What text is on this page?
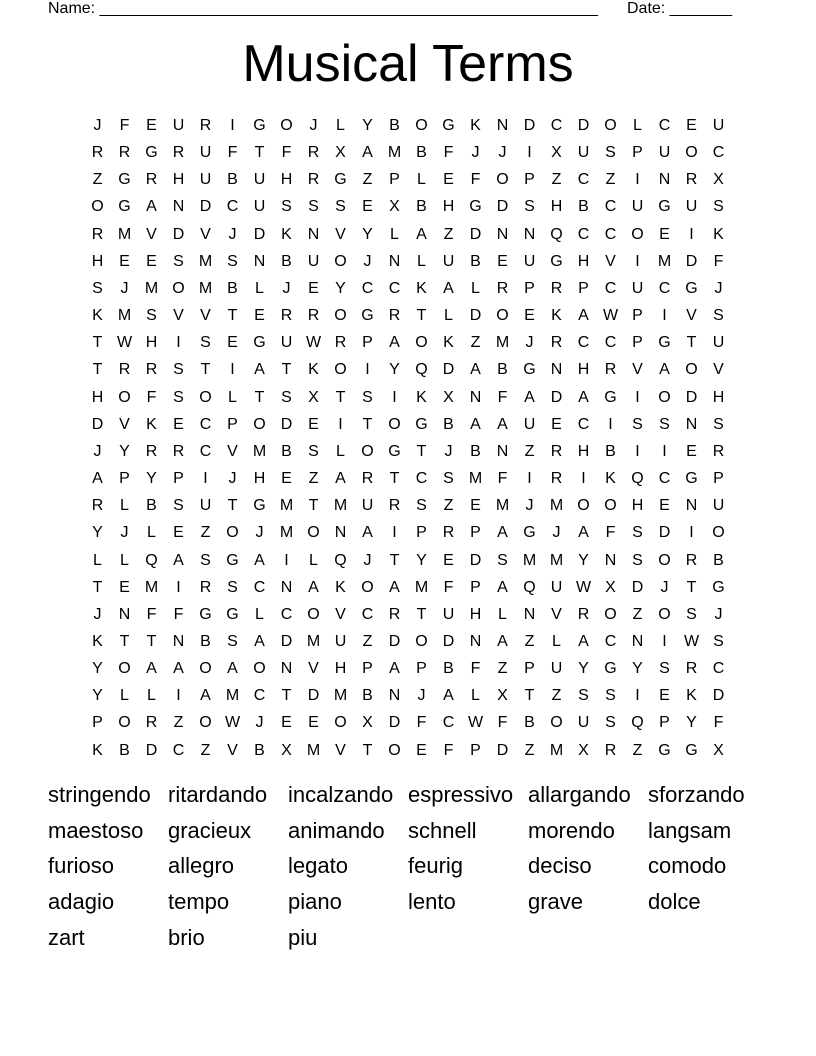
Name: ________________________________________________________ Date: _______
Musical Terms
J	F	E U R	I	G O	J	L	Y	B O G K N D C D O	L	C E U
R R G R U	F	T	F	R X	A M B	F	J	J	I	X U S	P U O C
Z G R H U B U H R G Z	P	L	E	F O P	Z	C	Z	I	N R X
O G A N D C U S	S	S	E	X	B H G D S H B C U G U S
R M V D V	J	D K N V	Y	L	A	Z	D N N Q C C O E	I	K
H E	E	S M S N B U O	J	N	L	U B	E U G H V	I	M D	F
S	J	M O M B	L	J	E	Y C C K	A	L	R P R P C U C G	J
K M S	V	V	T	E R R O G R	T	L	D O E	K	A W P	I	V	S
T W H	I	S	E G U W R P	A O K	Z M	J	R C C P G T	U
T	R R S	T	I	A	T	K O	I	Y Q D A	B G N H R V	A O V
H O F	S O	L	T	S	X	T	S	I	K	X N	F	A D A G	I	O D H
D V	K	E C P O D E	I	T O G B	A	A U E C	I	S	S N S
J	Y R R C V M B	S	L	O G T	J	B N	Z	R H B	I	I	E R
A	P	Y	P	I	J	H E	Z	A R	T	C S M F	I	R	I	K Q C G P
R	L	B	S U	T G M T M U R S	Z	E M	J	M O O H E N U
Y	J	L	E	Z O	J	M O N A	I	P R P	A G	J	A	F	S D	I	O
L	L	Q A	S G A	I	L	Q	J	T	Y	E D S M M Y N S O R B
T	E M	I	R S C N A	K O A M F	P	A Q U W X D	J	T G
J	N	F	F G G	L	C O V C R	T	U H	L	N V R O Z O S	J
K	T	T	N B	S	A D M U	Z	D O D N A	Z	L	A C N	I	W S
Y O A	A O A O N V H P	A	P	B	F	Z	P U Y G Y	S R C
Y	L	L	I	A M C	T	D M B N	J	A	L	X	T	Z	S	S	I	E	K D
P O R	Z O W J	E	E O X D	F	C W F	B O U S Q P	Y	F
K	B D C	Z	V	B	X M V	T O E	F	P D	Z M X R	Z G G X
stringendo ritardando incalzando espressivo allargando sforzando
maestoso	gracieux	animando	schnell	morendo	langsam
furioso	allegro	legato	feurig	deciso	comodo
adagio	tempo	piano	lento	grave	dolce
zart	brio	piu
